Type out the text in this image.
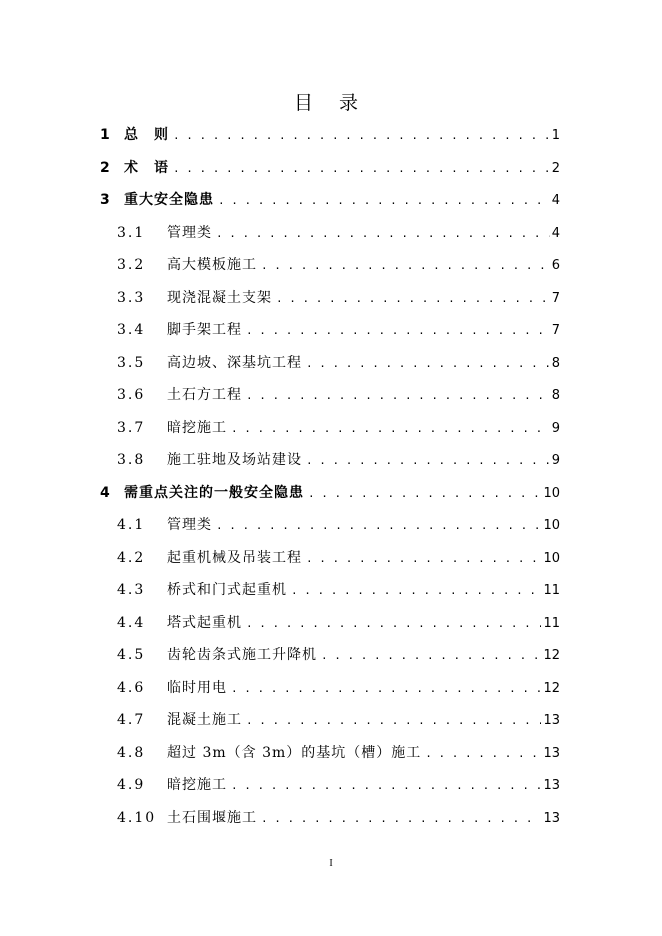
目 录
1 总　则 . . .	1
2 术　语 . . .	2
3 重大安全隐患 . . .	4
3.1	管理类 . . .	4
3.2	高大模板施工 . . .	6
3.3	现浇混凝土支架 . . .	7
3.4	脚手架工程 . . .	7
3.5	高边坡、深基坑工程 . . .	8
3.6	土石方工程 . . .	8
3.7	暗挖施工 . . .	9
3.8	施工驻地及场站建设 . . .	9
4 需重点关注的一般安全隐患 . . .	10
4.1	管理类 . . .	10
4.2	起重机械及吊装工程 . . .	10
4.3	桥式和门式起重机 . . .	11
4.4	塔式起重机 . . .	11
4.5	齿轮齿条式施工升降机 . . .	12
4.6	临时用电 . . .	12
4.7	混凝土施工 . . .	13
4.8	超过 3m（含 3m）的基坑（槽）施工 . . .	13
4.9	暗挖施工 . . .	13
4.10 土石围堰施工 . . .	13
I
